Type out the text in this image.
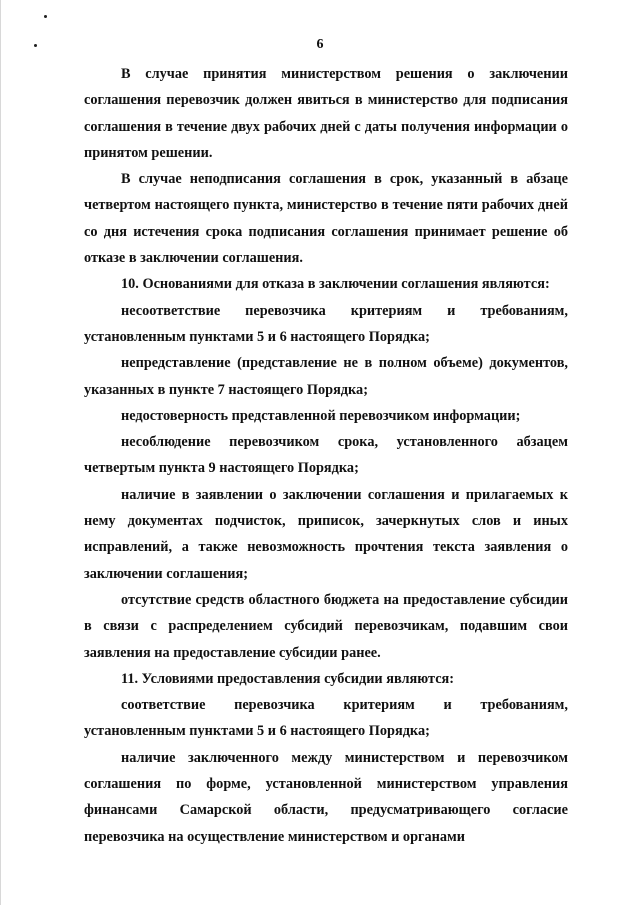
6

В случае принятия министерством решения о заключении соглашения перевозчик должен явиться в министерство для подписания соглашения в течение двух рабочих дней с даты получения информации о принятом решении.

В случае неподписания соглашения в срок, указанный в абзаце четвертом настоящего пункта, министерство в течение пяти рабочих дней со дня истечения срока подписания соглашения принимает решение об отказе в заключении соглашения.

10. Основаниями для отказа в заключении соглашения являются:

несоответствие перевозчика критериям и требованиям, установленным пунктами 5 и 6 настоящего Порядка;

непредставление (представление не в полном объеме) документов, указанных в пункте 7 настоящего Порядка;

недостоверность представленной перевозчиком информации;

несоблюдение перевозчиком срока, установленного абзацем четвертым пункта 9 настоящего Порядка;

наличие в заявлении о заключении соглашения и прилагаемых к нему документах подчисток, приписок, зачеркнутых слов и иных исправлений, а также невозможность прочтения текста заявления о заключении соглашения;

отсутствие средств областного бюджета на предоставление субсидии в связи с распределением субсидий перевозчикам, подавшим свои заявления на предоставление субсидии ранее.

11. Условиями предоставления субсидии являются:

соответствие перевозчика критериям и требованиям, установленным пунктами 5 и 6 настоящего Порядка;

наличие заключенного между министерством и перевозчиком соглашения по форме, установленной министерством управления финансами Самарской области, предусматривающего согласие перевозчика на осуществление министерством и органами
